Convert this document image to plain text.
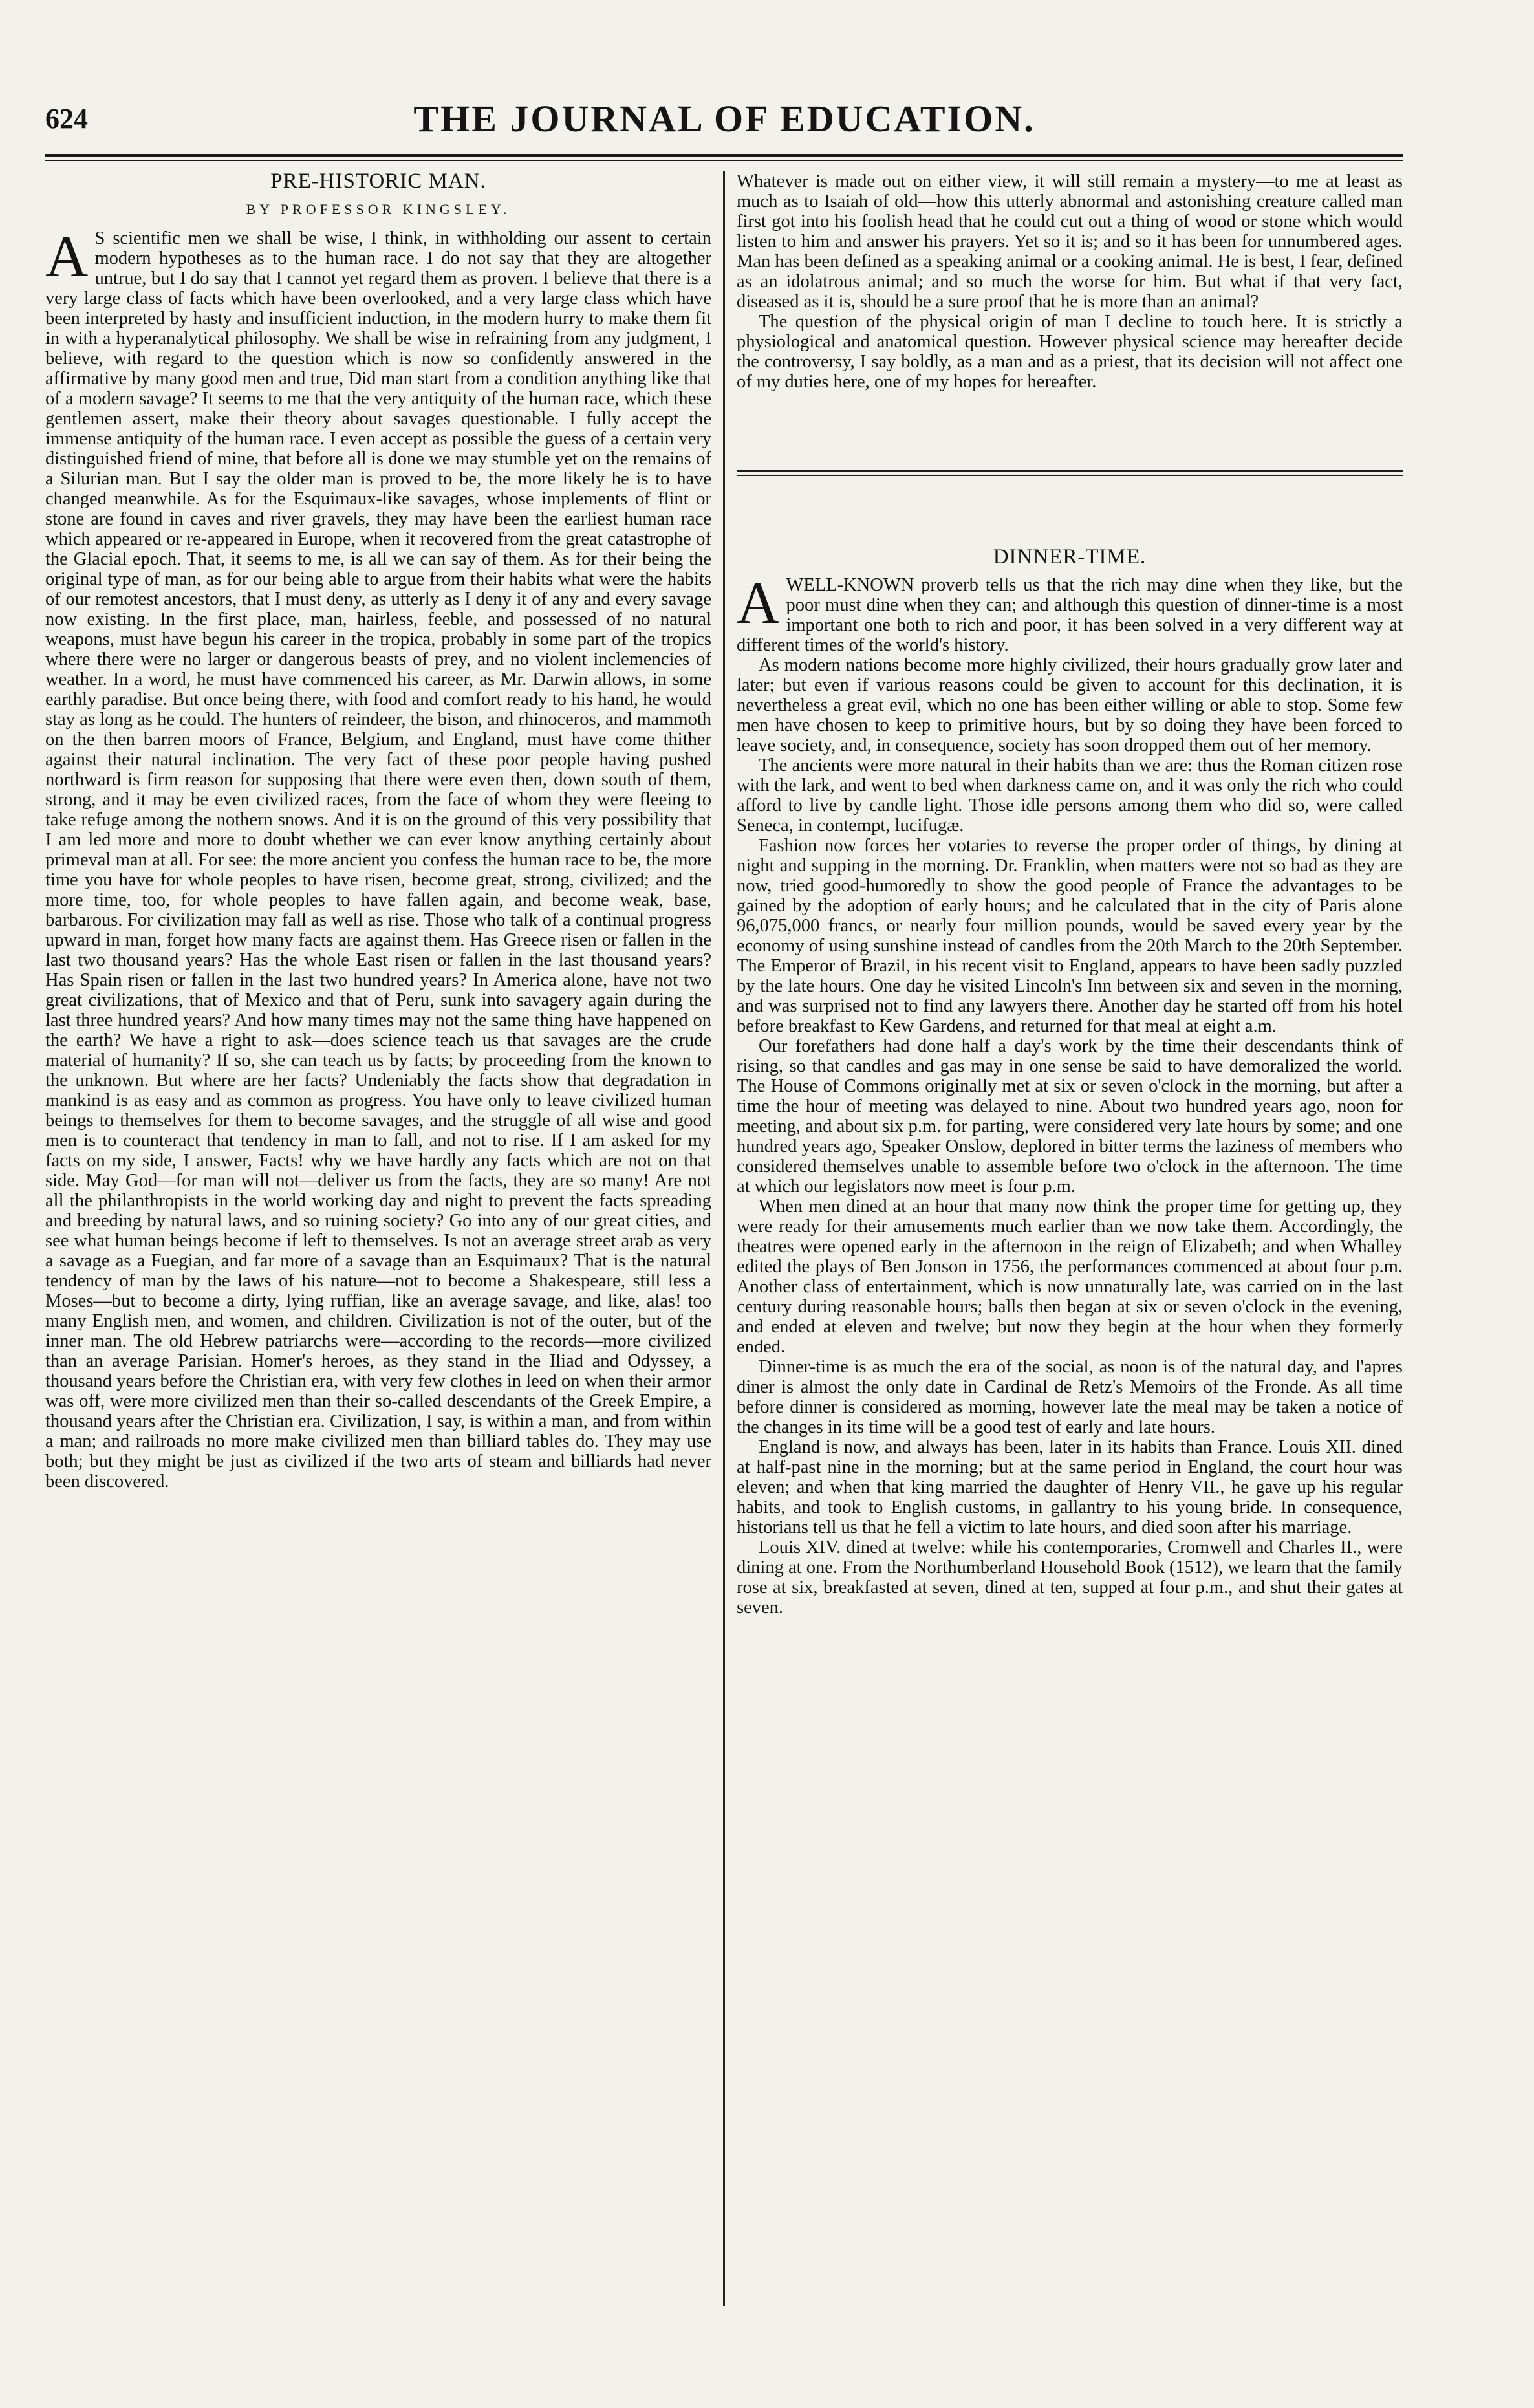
624	THE JOURNAL OF EDUCATION.
PRE-HISTORIC MAN.
BY PROFESSOR KINGSLEY.

A S scientific men we shall be wise, I think, in withholding our assent to certain modern hypotheses as to the human race. I do not say that they are altogether untrue, but I do say that I cannot yet regard them as proven. I believe that there is a very large class of facts which have been overlooked, and a very large class which have been interpreted by hasty and insufficient induction, in the modern hurry to make them fit in with a hyperanalytical philosophy. We shall be wise in refraining from any judgment, I believe, with regard to the question which is now so confidently answered in the affirmative by many good men and true, Did man start from a condition anything like that of a modern savage? It seems to me that the very antiquity of the human race, which these gentlemen assert, make their theory about savages questionable. I fully accept the immense antiquity of the human race. I even accept as possible the guess of a certain very distinguished friend of mine, that before all is done we may stumble yet on the remains of a Silurian man. But I say the older man is proved to be, the more likely he is to have changed meanwhile. As for the Esquimaux-like savages, whose implements of flint or stone are found in caves and river gravels, they may have been the earliest human race which appeared or re-appeared in Europe, when it recovered from the great catastrophe of the Glacial epoch. That, it seems to me, is all we can say of them. As for their being the original type of man, as for our being able to argue from their habits what were the habits of our remotest ancestors, that I must deny, as utterly as I deny it of any and every savage now existing. In the first place, man, hairless, feeble, and possessed of no natural weapons, must have begun his career in the tropica, probably in some part of the tropics where there were no larger or dangerous beasts of prey, and no violent inclemencies of weather. In a word, he must have commenced his career, as Mr. Darwin allows, in some earthly paradise. But once being there, with food and comfort ready to his hand, he would stay as long as he could. The hunters of reindeer, the bison, and rhinoceros, and mammoth on the then barren moors of France, Belgium, and England, must have come thither against their natural inclination. The very fact of these poor people having pushed northward is firm reason for supposing that there were even then, down south of them, strong, and it may be even civilized races, from the face of whom they were fleeing to take refuge among the nothern snows. And it is on the ground of this very possibility that I am led more and more to doubt whether we can ever know anything certainly about primeval man at all. For see: the more ancient you confess the human race to be, the more time you have for whole peoples to have risen, become great, strong, civilized; and the more time, too, for whole peoples to have fallen again, and become weak, base, barbarous. For civilization may fall as well as rise. Those who talk of a continual progress upward in man, forget how many facts are against them. Has Greece risen or fallen in the last two thousand years? Has the whole East risen or fallen in the last thousand years? Has Spain risen or fallen in the last two hundred years? In America alone, have not two great civilizations, that of Mexico and that of Peru, sunk into savagery again during the last three hundred years? And how many times may not the same thing have happened on the earth? We have a right to ask—does science teach us that savages are the crude material of humanity? If so, she can teach us by facts; by proceeding from the known to the unknown. But where are her facts? Undeniably the facts show that degradation in mankind is as easy and as common as progress. You have only to leave civilized human beings to themselves for them to become savages, and the struggle of all wise and good men is to counteract that tendency in man to fall, and not to rise. If I am asked for my facts on my side, I answer, Facts! why we have hardly any facts which are not on that side. May God—for man will not—deliver us from the facts, they are so many! Are not all the philanthropists in the world working day and night to prevent the facts spreading and breeding by natural laws, and so ruining society? Go into any of our great cities, and see what human beings become if left to themselves. Is not an average street arab as very a savage as a Fuegian, and far more of a savage than an Esquimaux? That is the natural tendency of man by the laws of his nature—not to become a Shakespeare, still less a Moses—but to become a dirty, lying ruffian, like an average savage, and like, alas! too many English men, and women, and children. Civilization is not of the outer, but of the inner man. The old Hebrew patriarchs were—according to the records—more civilized than an average Parisian. Homer's heroes, as they stand in the Iliad and Odyssey, a thousand years before the Christian era, with very few clothes in leed on when their armor was off, were more civilized men than their so-called descendants of the Greek Empire, a thousand years after the Christian era. Civilization, I say, is within a man, and from within a man; and railroads no more make civilized men than billiard tables do. They may use both; but they might be just as civilized if the two arts of steam and billiards had never been discovered.

Whatever is made out on either view, it will still remain a mystery—to me at least as much as to Isaiah of old—how this utterly abnormal and astonishing creature called man first got into his foolish head that he could cut out a thing of wood or stone which would listen to him and answer his prayers. Yet so it is; and so it has been for unnumbered ages. Man has been defined as a speaking animal or a cooking animal. He is best, I fear, defined as an idolatrous animal; and so much the worse for him. But what if that very fact, diseased as it is, should be a sure proof that he is more than an animal?

The question of the physical origin of man I decline to touch here. It is strictly a physiological and anatomical question. However physical science may hereafter decide the controversy, I say boldly, as a man and as a priest, that its decision will not affect one of my duties here, one of my hopes for hereafter.

DINNER-TIME.

A WELL-KNOWN proverb tells us that the rich may dine when they like, but the poor must dine when they can; and although this question of dinner-time is a most important one both to rich and poor, it has been solved in a very different way at different times of the world's history.

As modern nations become more highly civilized, their hours gradually grow later and later; but even if various reasons could be given to account for this declination, it is nevertheless a great evil, which no one has been either willing or able to stop. Some few men have chosen to keep to primitive hours, but by so doing they have been forced to leave society, and, in consequence, society has soon dropped them out of her memory.

The ancients were more natural in their habits than we are: thus the Roman citizen rose with the lark, and went to bed when darkness came on, and it was only the rich who could afford to live by candle light. Those idle persons among them who did so, were called Seneca, in contempt, lucifugæ.

Fashion now forces her votaries to reverse the proper order of things, by dining at night and supping in the morning. Dr. Franklin, when matters were not so bad as they are now, tried good-humoredly to show the good people of France the advantages to be gained by the adoption of early hours; and he calculated that in the city of Paris alone 96,075,000 francs, or nearly four million pounds, would be saved every year by the economy of using sunshine instead of candles from the 20th March to the 20th September. The Emperor of Brazil, in his recent visit to England, appears to have been sadly puzzled by the late hours. One day he visited Lincoln's Inn between six and seven in the morning, and was surprised not to find any lawyers there. Another day he started off from his hotel before breakfast to Kew Gardens, and returned for that meal at eight a.m.

Our forefathers had done half a day's work by the time their descendants think of rising, so that candles and gas may in one sense be said to have demoralized the world. The House of Commons originally met at six or seven o'clock in the morning, but after a time the hour of meeting was delayed to nine. About two hundred years ago, noon for meeting, and about six p.m. for parting, were considered very late hours by some; and one hundred years ago, Speaker Onslow, deplored in bitter terms the laziness of members who considered themselves unable to assemble before two o'clock in the afternoon. The time at which our legislators now meet is four p.m.

When men dined at an hour that many now think the proper time for getting up, they were ready for their amusements much earlier than we now take them. Accordingly, the theatres were opened early in the afternoon in the reign of Elizabeth; and when Whalley edited the plays of Ben Jonson in 1756, the performances commenced at about four p.m. Another class of entertainment, which is now unnaturally late, was carried on in the last century during reasonable hours; balls then began at six or seven o'clock in the evening, and ended at eleven and twelve; but now they begin at the hour when they formerly ended.

Dinner-time is as much the era of the social, as noon is of the natural day, and l'apres diner is almost the only date in Cardinal de Retz's Memoirs of the Fronde. As all time before dinner is considered as morning, however late the meal may be taken a notice of the changes in its time will be a good test of early and late hours.

England is now, and always has been, later in its habits than France. Louis XII. dined at half-past nine in the morning; but at the same period in England, the court hour was eleven; and when that king married the daughter of Henry VII., he gave up his regular habits, and took to English customs, in gallantry to his young bride. In consequence, historians tell us that he fell a victim to late hours, and died soon after his marriage.

Louis XIV. dined at twelve: while his contemporaries, Cromwell and Charles II., were dining at one. From the Northumberland Household Book (1512), we learn that the family rose at six, breakfasted at seven, dined at ten, supped at four p.m., and shut their gates at seven.
